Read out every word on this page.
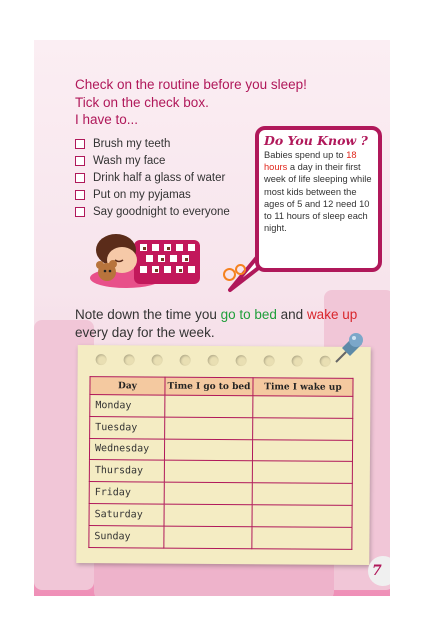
Check on the routine before you sleep!
Tick on the check box.
I have to...
Brush my teeth
Wash my face
Drink half a glass of water
Put on my pyjamas
Say goodnight to everyone
Do You Know ?
Babies spend up to 18 hours a day in their first week of life sleeping while most kids between the ages of 5 and 12 need 10 to 11 hours of sleep each night.
Note down the time you go to bed and wake up
every day for the week.
Day	Time I go to bed	Time I wake up
Monday		
Tuesday		
Wednesday		
Thursday		
Friday		
Saturday		
Sunday		
7
